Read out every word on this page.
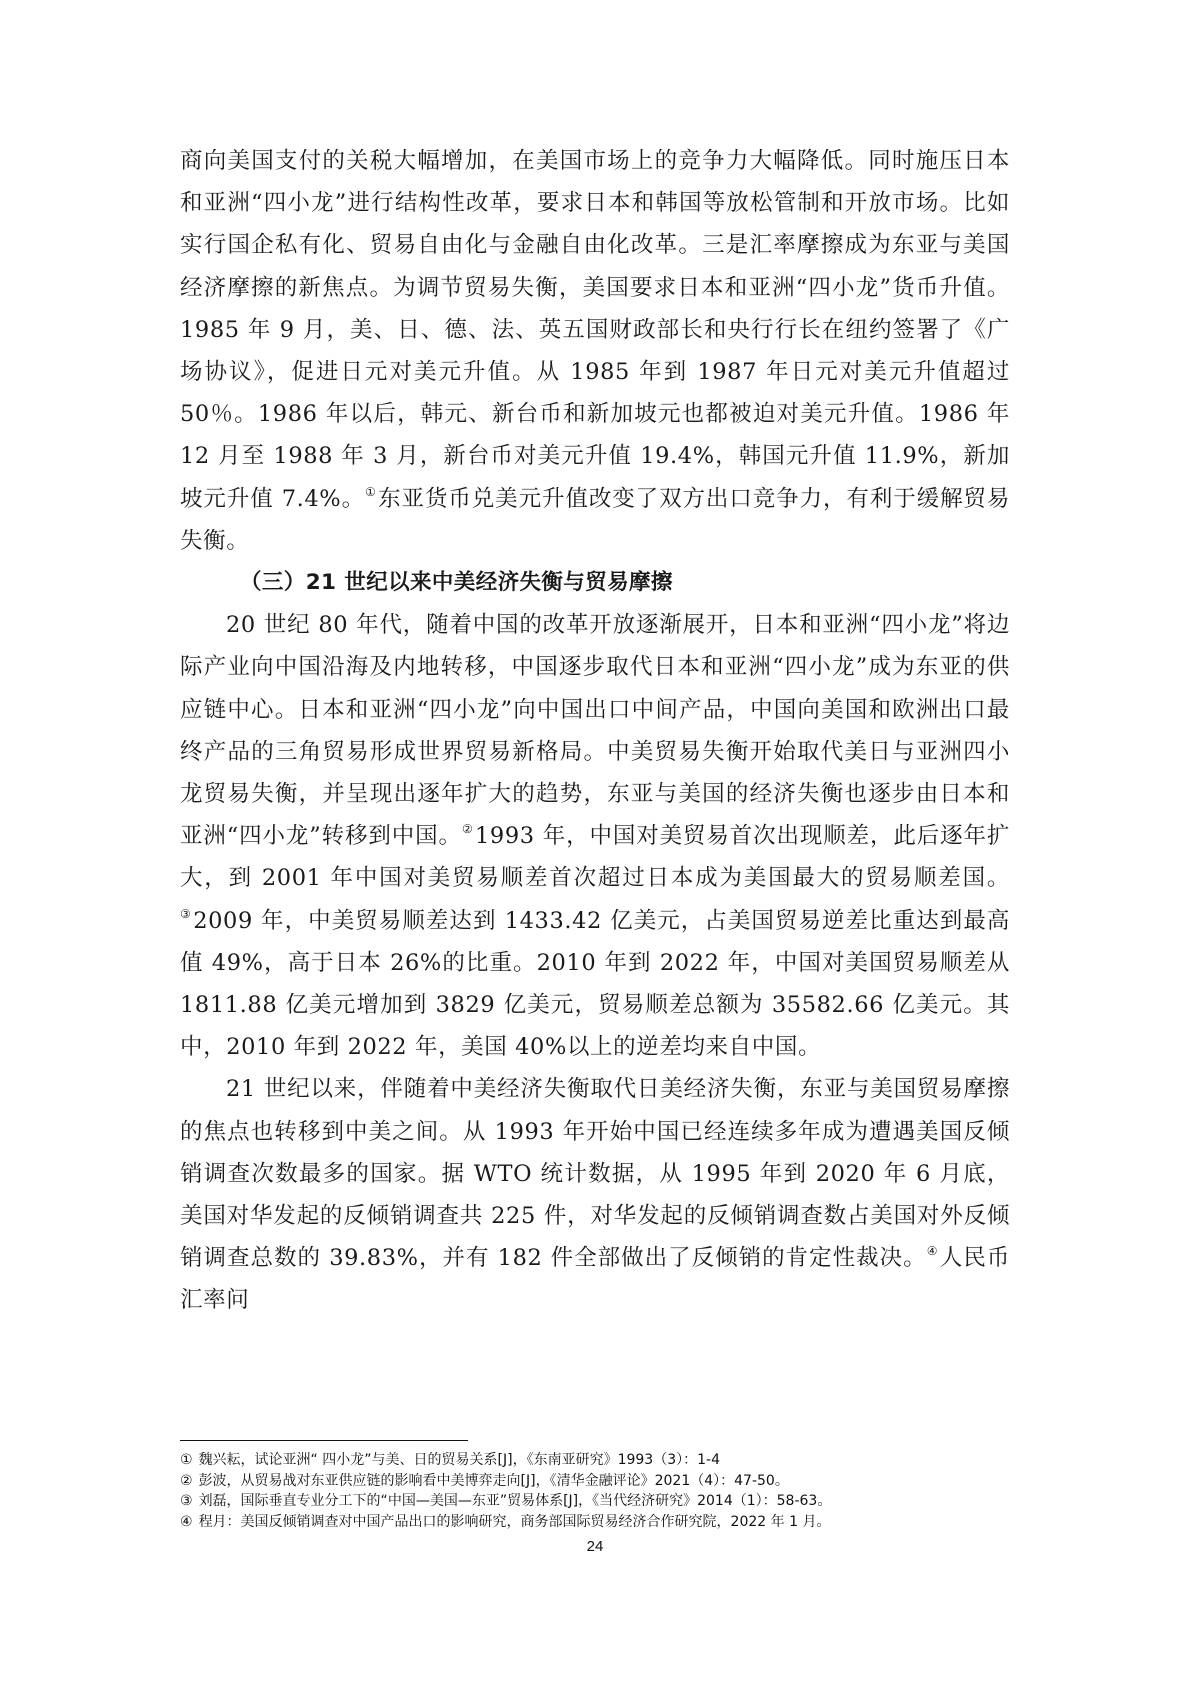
商向美国支付的关税大幅增加，在美国市场上的竞争力大幅降低。同时施压日本和亚洲“四小龙”进行结构性改革，要求日本和韩国等放松管制和开放市场。比如实行国企私有化、贸易自由化与金融自由化改革。三是汇率摩擦成为东亚与美国经济摩擦的新焦点。为调节贸易失衡，美国要求日本和亚洲“四小龙”货币升值。1985 年 9 月，美、日、德、法、英五国财政部长和央行行长在纽约签署了《广场协议》，促进日元对美元升值。从 1985 年到 1987 年日元对美元升值超过 50％。1986 年以后，韩元、新台币和新加坡元也都被迫对美元升值。1986 年 12 月至 1988 年 3 月，新台币对美元升值 19.4%，韩国元升值 11.9%，新加坡元升值 7.4%。①东亚货币兑美元升值改变了双方出口竞争力，有利于缓解贸易失衡。

（三）21 世纪以来中美经济失衡与贸易摩擦

20 世纪 80 年代，随着中国的改革开放逐渐展开，日本和亚洲“四小龙”将边际产业向中国沿海及内地转移，中国逐步取代日本和亚洲“四小龙”成为东亚的供应链中心。日本和亚洲“四小龙”向中国出口中间产品，中国向美国和欧洲出口最终产品的三角贸易形成世界贸易新格局。中美贸易失衡开始取代美日与亚洲四小龙贸易失衡，并呈现出逐年扩大的趋势，东亚与美国的经济失衡也逐步由日本和亚洲“四小龙”转移到中国。②1993 年，中国对美贸易首次出现顺差，此后逐年扩大，到 2001 年中国对美贸易顺差首次超过日本成为美国最大的贸易顺差国。③2009 年，中美贸易顺差达到 1433.42 亿美元，占美国贸易逆差比重达到最高值 49%，高于日本 26%的比重。2010 年到 2022 年，中国对美国贸易顺差从 1811.88 亿美元增加到 3829 亿美元，贸易顺差总额为 35582.66 亿美元。其中，2010 年到 2022 年，美国 40%以上的逆差均来自中国。

21 世纪以来，伴随着中美经济失衡取代日美经济失衡，东亚与美国贸易摩擦的焦点也转移到中美之间。从 1993 年开始中国已经连续多年成为遭遇美国反倾销调查次数最多的国家。据 WTO 统计数据，从 1995 年到 2020 年 6 月底，美国对华发起的反倾销调查共 225 件，对华发起的反倾销调查数占美国对外反倾销调查总数的 39.83%，并有 182 件全部做出了反倾销的肯定性裁决。④人民币汇率问

① 魏兴耘，试论亚洲“ 四小龙”与美、日的贸易关系[J]，《东南亚研究》1993（3）：1-4
② 彭波，从贸易战对东亚供应链的影响看中美博弈走向[J]，《清华金融评论》2021（4）：47-50。
③ 刘磊，国际垂直专业分工下的“中国—美国—东亚”贸易体系[J]，《当代经济研究》2014（1）：58-63。
④ 程月：美国反倾销调查对中国产品出口的影响研究，商务部国际贸易经济合作研究院，2022 年 1 月。
24
